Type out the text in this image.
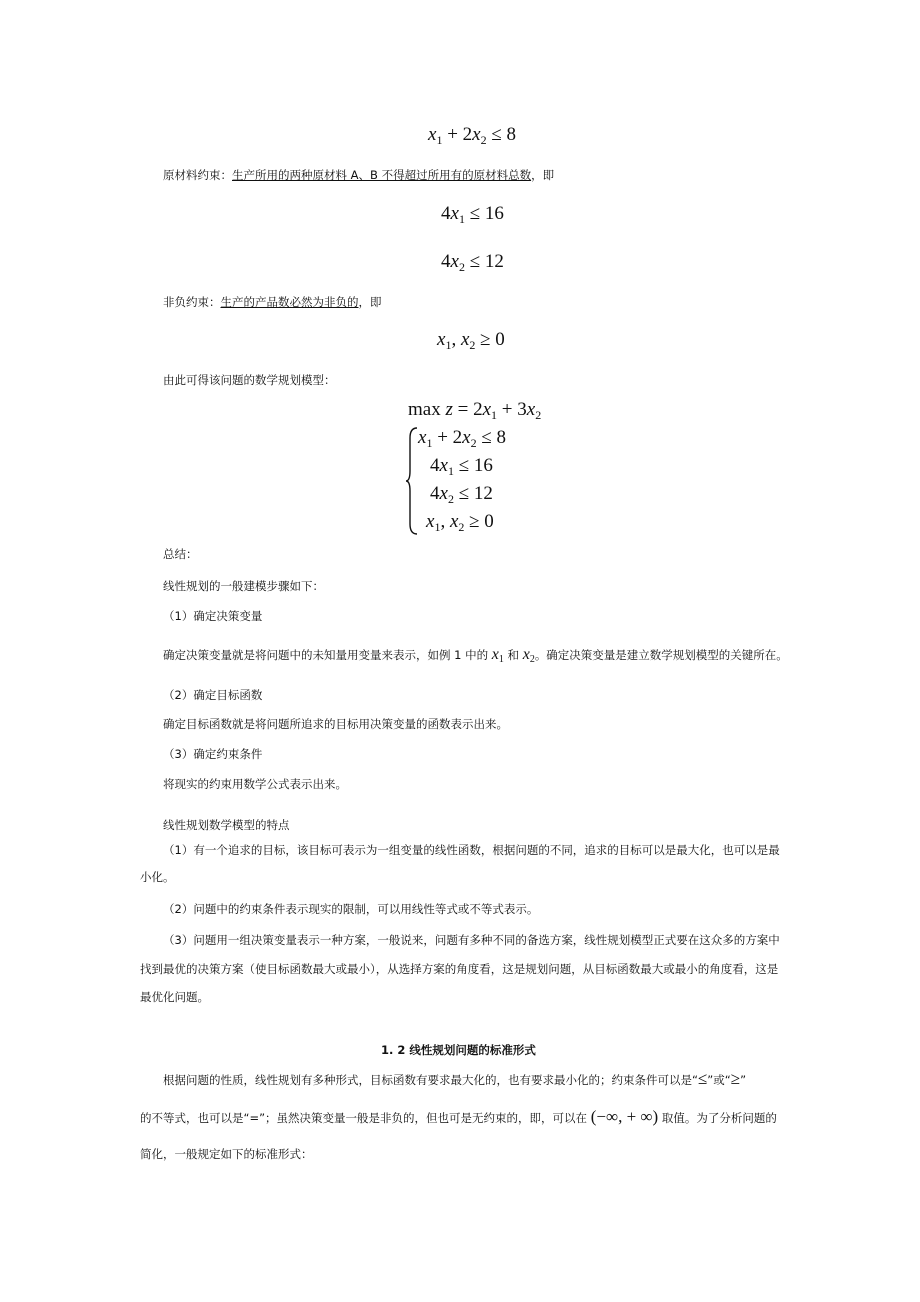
$x_1 + 2x_2 \le 8$
原材料约束：生产所用的两种原材料 A、B 不得超过所用有的原材料总数，即
$4x_1 \le 16$
$4x_2 \le 12$
非负约束：生产的产品数必然为非负的，即
$x_1$, $x_2 \ge 0$
由此可得该问题的数学规划模型：
$\max z = 2x_1 + 3x_2$
$x_1 + 2x_2 \le 8$
$4x_1 \le 16$
$4x_2 \le 12$
$x_1$, $x_2 \ge 0$
总结：
线性规划的一般建模步骤如下：
（1）确定决策变量
确定决策变量就是将问题中的未知量用变量来表示，如例 1 中的 $x_1$ 和 $x_2$。确定决策变量是建立数学规划模型的关键所在。
（2）确定目标函数
确定目标函数就是将问题所追求的目标用决策变量的函数表示出来。
（3）确定约束条件
将现实的约束用数学公式表示出来。
线性规划数学模型的特点
（1）有一个追求的目标，该目标可表示为一组变量的线性函数，根据问题的不同，追求的目标可以是最大化，也可以是最
小化。
（2）问题中的约束条件表示现实的限制，可以用线性等式或不等式表示。
（3）问题用一组决策变量表示一种方案，一般说来，问题有多种不同的备选方案，线性规划模型正式要在这众多的方案中
找到最优的决策方案（使目标函数最大或最小），从选择方案的角度看，这是规划问题，从目标函数最大或最小的角度看，这是
最优化问题。
1. 2 线性规划问题的标准形式
根据问题的性质，线性规划有多种形式，目标函数有要求最大化的，也有要求最小化的；约束条件可以是“≤”或“≥”
的不等式，也可以是“=”；虽然决策变量一般是非负的，但也可是无约束的，即，可以在 (−∞, + ∞) 取值。为了分析问题的
简化，一般规定如下的标准形式：
